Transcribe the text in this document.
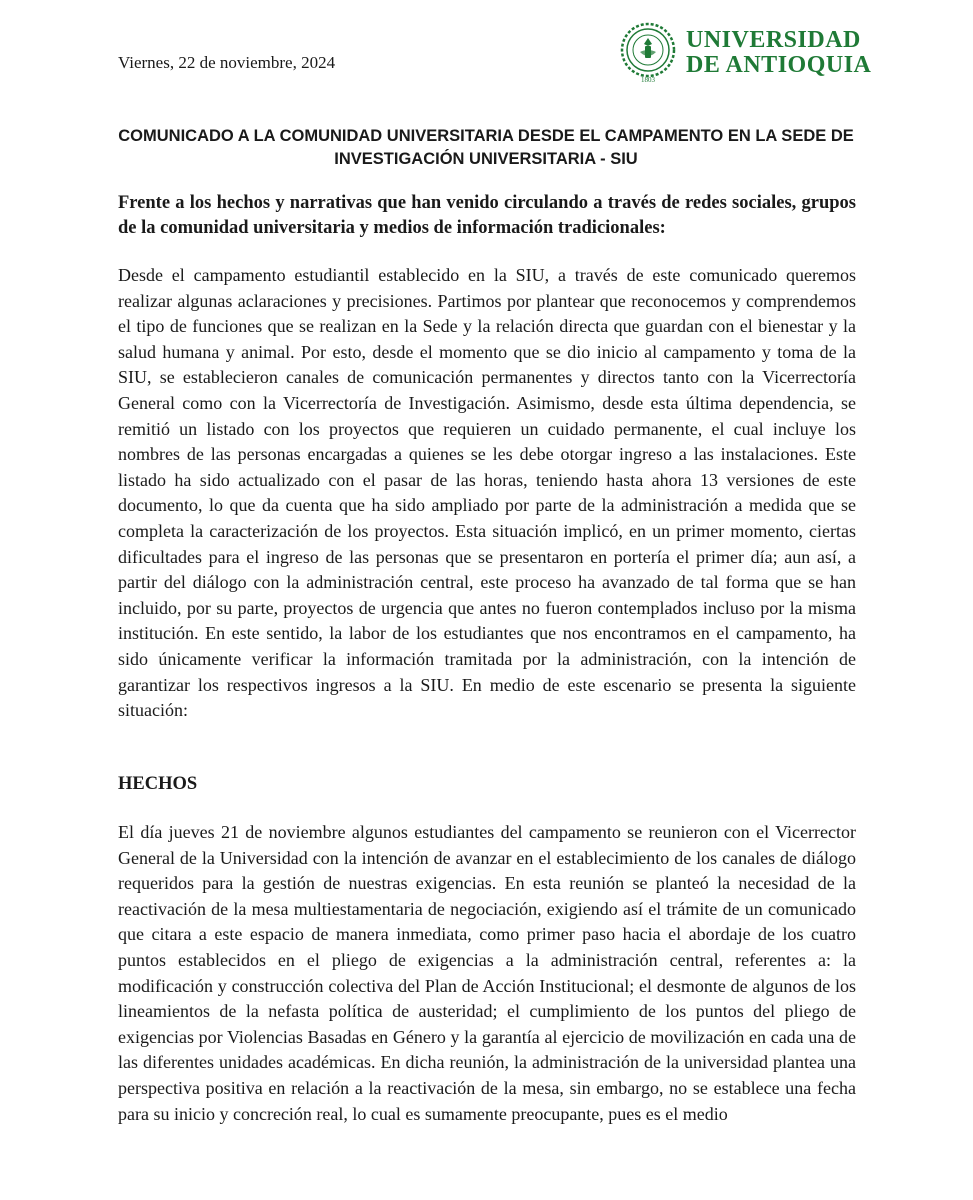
Viernes, 22 de noviembre, 2024
1803
UNIVERSIDAD
DE ANTIOQUIA
COMUNICADO A LA COMUNIDAD UNIVERSITARIA DESDE EL CAMPAMENTO EN LA SEDE DE INVESTIGACIÓN UNIVERSITARIA - SIU
Frente a los hechos y narrativas que han venido circulando a través de redes sociales, grupos de la comunidad universitaria y medios de información tradicionales:
Desde el campamento estudiantil establecido en la SIU, a través de este comunicado queremos realizar algunas aclaraciones y precisiones. Partimos por plantear que reconocemos y comprendemos el tipo de funciones que se realizan en la Sede y la relación directa que guardan con el bienestar y la salud humana y animal. Por esto, desde el momento que se dio inicio al campamento y toma de la SIU, se establecieron canales de comunicación permanentes y directos tanto con la Vicerrectoría General como con la Vicerrectoría de Investigación. Asimismo, desde esta última dependencia, se remitió un listado con los proyectos que requieren un cuidado permanente, el cual incluye los nombres de las personas encargadas a quienes se les debe otorgar ingreso a las instalaciones. Este listado ha sido actualizado con el pasar de las horas, teniendo hasta ahora 13 versiones de este documento, lo que da cuenta que ha sido ampliado por parte de la administración a medida que se completa la caracterización de los proyectos. Esta situación implicó, en un primer momento, ciertas dificultades para el ingreso de las personas que se presentaron en portería el primer día; aun así, a partir del diálogo con la administración central, este proceso ha avanzado de tal forma que se han incluido, por su parte, proyectos de urgencia que antes no fueron contemplados incluso por la misma institución. En este sentido, la labor de los estudiantes que nos encontramos en el campamento, ha sido únicamente verificar la información tramitada por la administración, con la intención de garantizar los respectivos ingresos a la SIU. En medio de este escenario se presenta la siguiente situación:
HECHOS
El día jueves 21 de noviembre algunos estudiantes del campamento se reunieron con el Vicerrector General de la Universidad con la intención de avanzar en el establecimiento de los canales de diálogo requeridos para la gestión de nuestras exigencias. En esta reunión se planteó la necesidad de la reactivación de la mesa multiestamentaria de negociación, exigiendo así el trámite de un comunicado que citara a este espacio de manera inmediata, como primer paso hacia el abordaje de los cuatro puntos establecidos en el pliego de exigencias a la administración central, referentes a: la modificación y construcción colectiva del Plan de Acción Institucional; el desmonte de algunos de los lineamientos de la nefasta política de austeridad; el cumplimiento de los puntos del pliego de exigencias por Violencias Basadas en Género y la garantía al ejercicio de movilización en cada una de las diferentes unidades académicas. En dicha reunión, la administración de la universidad plantea una perspectiva positiva en relación a la reactivación de la mesa, sin embargo, no se establece una fecha para su inicio y concreción real, lo cual es sumamente preocupante, pues es el medio
